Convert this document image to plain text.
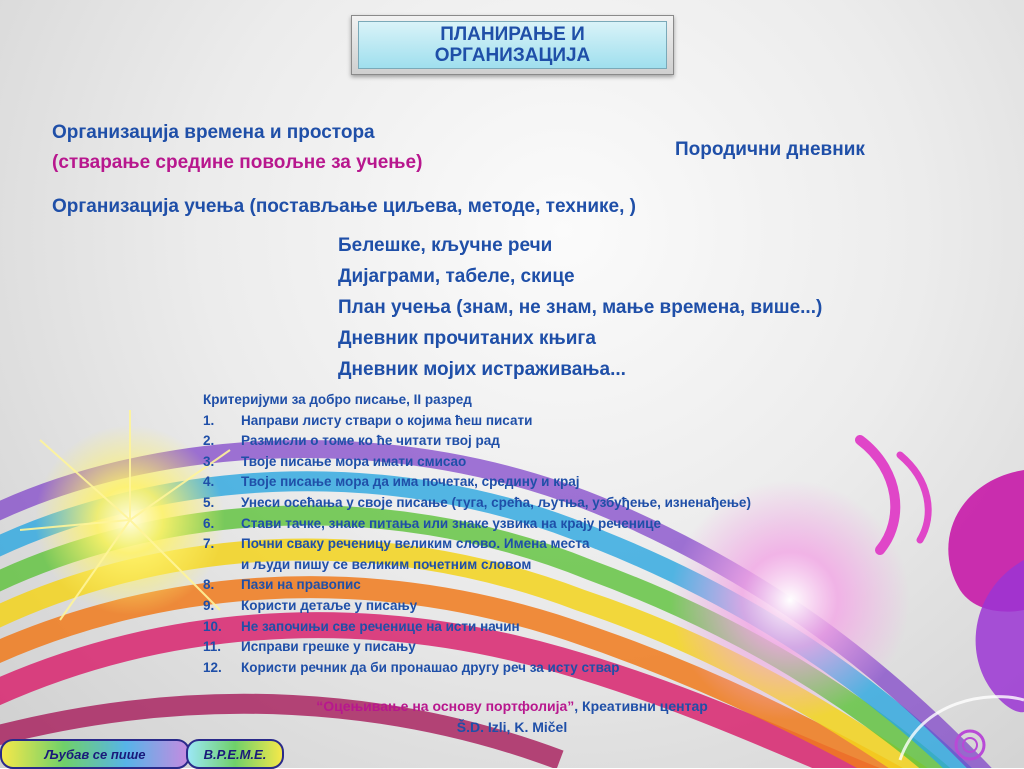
ПЛАНИРАЊЕ И
ОРГАНИЗАЦИЈА
Организација времена и простора
(стварање средине повољне за учење)
Организација учења (постављање циљева, методе, технике, )
Породични дневник
Белешке, кључне речи
Дијаграми, табеле, скице
План учења (знам, не знам, мање времена, више...)
Дневник прочитаних књига
Дневник мојих истраживања...
Критеријуми за добро писање, II разред
1.	Направи листу ствари о којима ћеш писати
2.	Размисли о томе ко ће читати твој рад
3.	Твоје писање мора имати смисао
4.	Твоје писање мора да има почетак, средину и крај
5.	Унеси осећања у своје писање (туга, срећа, љутња, узбуђење, изненађење)
6.	Стави тачке, знаке питања или знаке узвика на крају реченице
7.	Почни сваку реченицу великим слово. Имена места
и људи пишу се великим почетним словом
8.	Пази на правопис
9.	Користи детаље у писању
10.	Не започињи све реченице на исти начин
11.	Исправи грешке у писању
12.	Користи речник да би пронашао другу реч за исту ствар
“Оцењивање на основу портфолија”, Креативни центар
Š.D. Izli, K. Mičel
Љубав се пише	В.Р.Е.М.Е.
